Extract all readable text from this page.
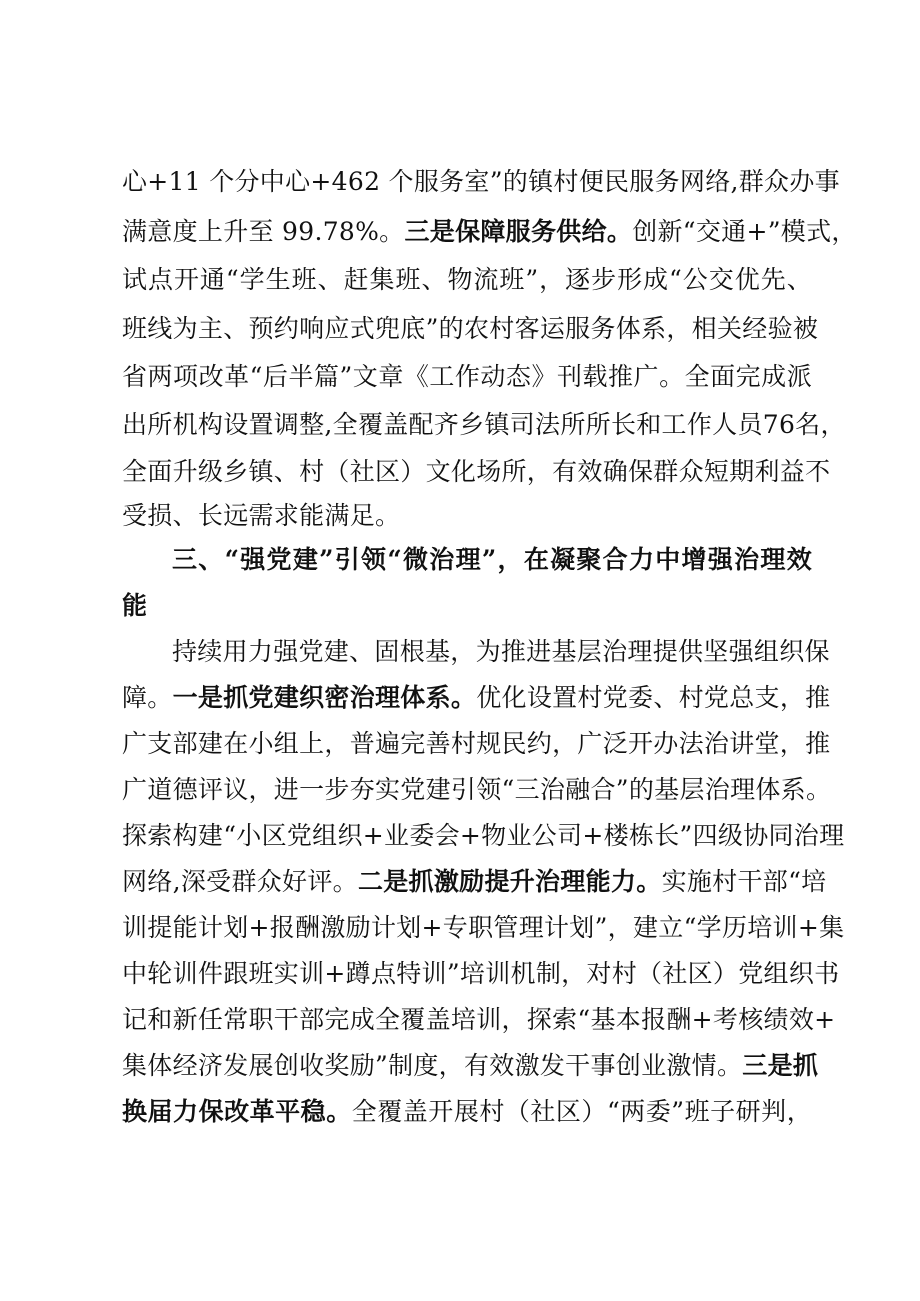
心+11 个分中心+462 个服务室”的镇村便民服务网络,群众办事
满意度上升至 99.78%。三是保障服务供给。创新“交通+”模式，
试点开通“学生班、赶集班、物流班”，逐步形成“公交优先、
班线为主、预约响应式兜底”的农村客运服务体系，相关经验被
省两项改革“后半篇”文章《工作动态》刊载推广。全面完成派
出所机构设置调整,全覆盖配齐乡镇司法所所长和工作人员76名，
全面升级乡镇、村（社区）文化场所，有效确保群众短期利益不
受损、长远需求能满足。
三、“强党建”引领“微治理”，在凝聚合力中增强治理效
能
持续用力强党建、固根基，为推进基层治理提供坚强组织保
障。一是抓党建织密治理体系。优化设置村党委、村党总支，推
广支部建在小组上，普遍完善村规民约，广泛开办法治讲堂，推
广道德评议，进一步夯实党建引领“三治融合”的基层治理体系。
探索构建“小区党组织+业委会+物业公司+楼栋长”四级协同治理
网络,深受群众好评。二是抓激励提升治理能力。实施村干部“培
训提能计划+报酬激励计划+专职管理计划”，建立“学历培训+集
中轮训件跟班实训+蹲点特训”培训机制，对村（社区）党组织书
记和新任常职干部完成全覆盖培训，探索“基本报酬+考核绩效+
集体经济发展创收奖励”制度，有效激发干事创业激情。三是抓
换届力保改革平稳。全覆盖开展村（社区）“两委”班子研判，
